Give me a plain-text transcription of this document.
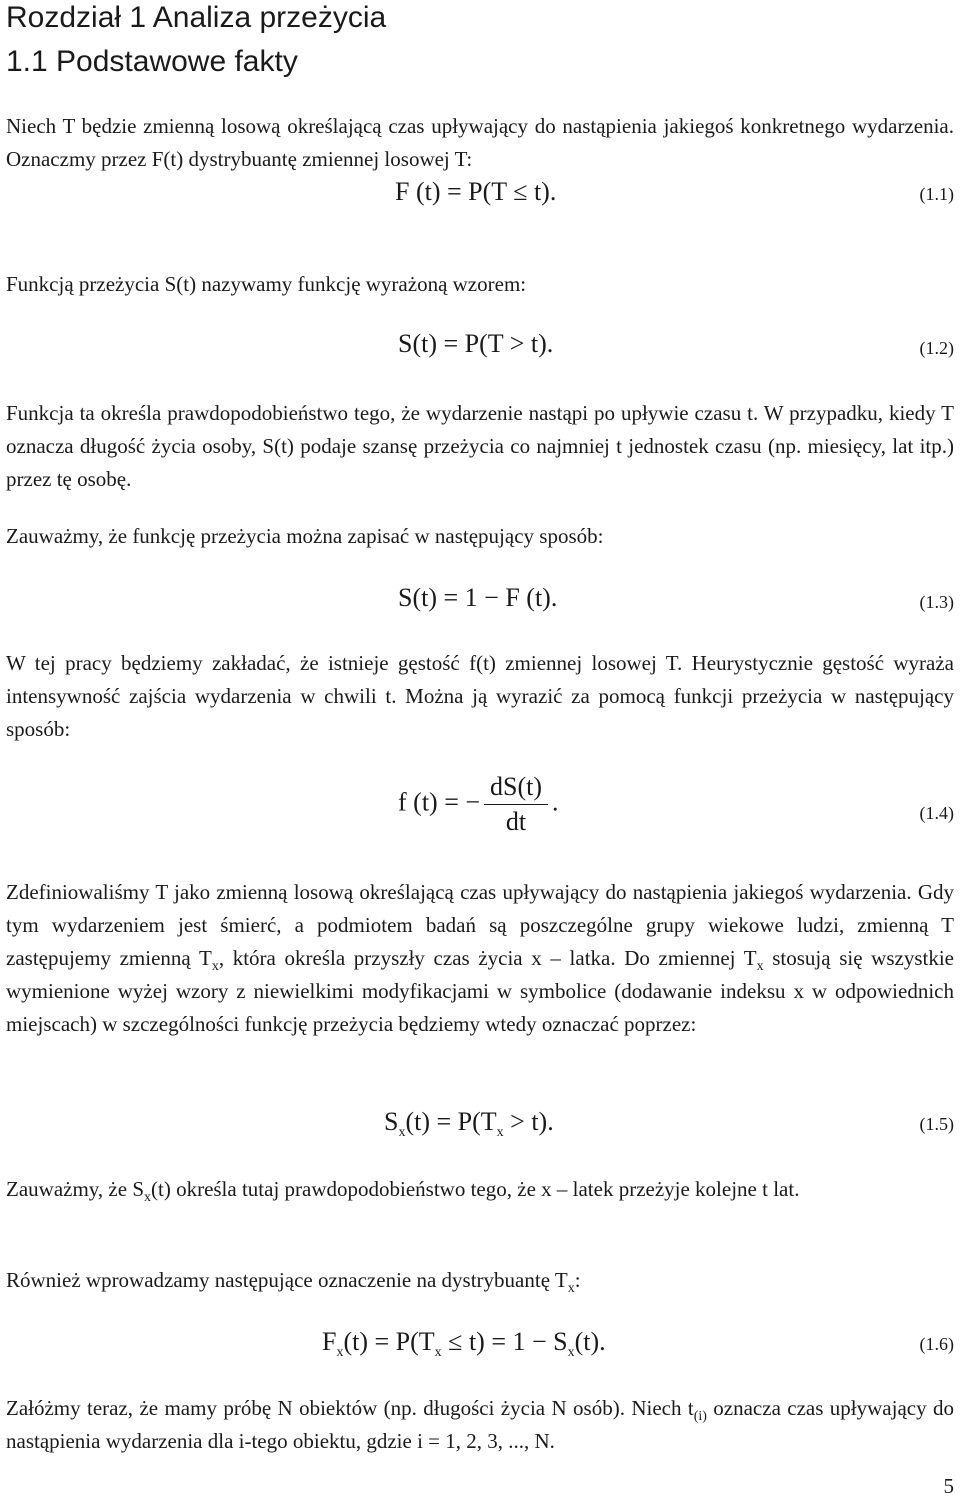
Rozdział 1 Analiza przeżycia
1.1 Podstawowe fakty
Niech T będzie zmienną losową określającą czas upływający do nastąpienia jakiegoś konkretnego wydarzenia. Oznaczmy przez F(t) dystrybuantę zmiennej losowej T:
F (t) = P(T ≤ t).	(1.1)
Funkcją przeżycia S(t) nazywamy funkcję wyrażoną wzorem:
S(t) = P(T > t).	(1.2)
Funkcja ta określa prawdopodobieństwo tego, że wydarzenie nastąpi po upływie czasu t. W przypadku, kiedy T oznacza długość życia osoby, S(t) podaje szansę przeżycia co najmniej t jednostek czasu (np. miesięcy, lat itp.) przez tę osobę.
Zauważmy, że funkcję przeżycia można zapisać w następujący sposób:
S(t) = 1 − F (t).	(1.3)
W tej pracy będziemy zakładać, że istnieje gęstość f(t) zmiennej losowej T. Heurystycznie gęstość wyraża intensywność zajścia wydarzenia w chwili t. Można ją wyrazić za pomocą funkcji przeżycia w następujący sposób:
f (t) = − $\frac{dS(t)}{dt}$ .	(1.4)
Zdefiniowaliśmy T jako zmienną losową określającą czas upływający do nastąpienia jakiegoś wydarzenia. Gdy tym wydarzeniem jest śmierć, a podmiotem badań są poszczególne grupy wiekowe ludzi, zmienną T zastępujemy zmienną $T_x$, która określa przyszły czas życia x – latka. Do zmiennej $T_x$ stosują się wszystkie wymienione wyżej wzory z niewielkimi modyfikacjami w symbolice (dodawanie indeksu x w odpowiednich miejscach) w szczególności funkcję przeżycia będziemy wtedy oznaczać poprzez:
$S_x(t) = P(T_x > t)$.	(1.5)
Zauważmy, że $S_x(t)$ określa tutaj prawdopodobieństwo tego, że x – latek przeżyje kolejne t lat.
Również wprowadzamy następujące oznaczenie na dystrybuantę $T_x$:
$F_x(t) = P(T_x \le t) = 1 - S_x(t)$.	(1.6)
Załóżmy teraz, że mamy próbę N obiektów (np. długości życia N osób). Niech $t_{(i)}$ oznacza czas upływający do nastąpienia wydarzenia dla i-tego obiektu, gdzie i = 1, 2, 3, ..., N.
5
